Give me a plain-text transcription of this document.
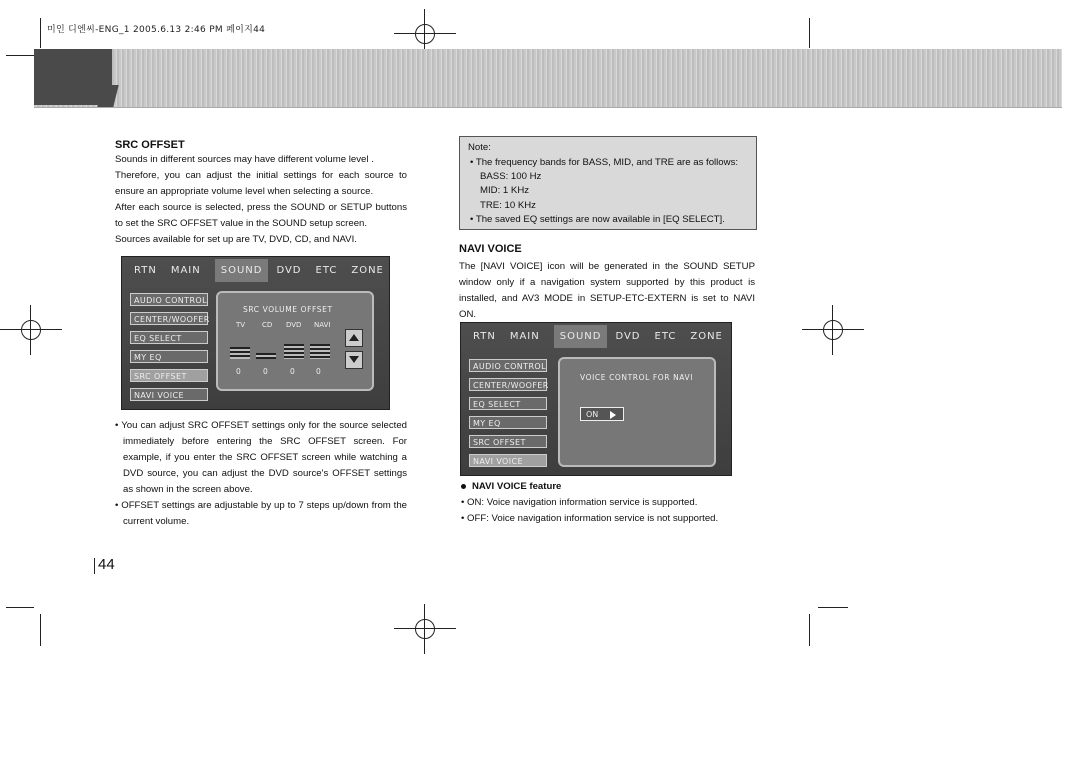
미인 디엔씨-ENG_1 2005.6.13 2:46 PM 페이지44
SRC OFFSET

Sounds in different sources may have different volume level .

Therefore, you can adjust the initial settings for each source to ensure an appropriate volume level when selecting a source.

After each source is selected, press the SOUND or SETUP buttons to set the SRC OFFSET value in the SOUND setup screen.

Sources available for set up are TV, DVD, CD, and NAVI.

RTN MAIN	SOUND	DVD ETC ZONE
AUDIO CONTROL
CENTER/WOOFER
EQ SELECT
MY EQ
SRC OFFSET
NAVI VOICE
SRC VOLUME OFFSET
TV CD DVD NAVI
0	0	0	0
• You can adjust SRC OFFSET settings only for the source selected immediately before entering the SRC OFFSET screen. For example, if you enter the SRC OFFSET screen while watching a DVD source, you can adjust the DVD source's OFFSET settings as shown in the screen above.
• OFFSET settings are adjustable by up to 7 steps up/down from the current volume.
Note:
• The frequency bands for BASS, MID, and TRE are as follows:
BASS: 100 Hz
MID: 1 KHz
TRE: 10 KHz
• The saved EQ settings are now available in [EQ SELECT].
NAVI VOICE
The [NAVI VOICE] icon will be generated in the SOUND SETUP window only if a navigation system supported by this product is installed, and AV3 MODE in SETUP-ETC-EXTERN is set to NAVI ON.
RTN MAIN	SOUND	DVD ETC ZONE
AUDIO CONTROL
CENTER/WOOFER
EQ SELECT
MY EQ
SRC OFFSET
NAVI VOICE
VOICE CONTROL FOR NAVI
ON
NAVI VOICE feature
• ON: Voice navigation information service is supported.
• OFF: Voice navigation information service is not supported.
44
